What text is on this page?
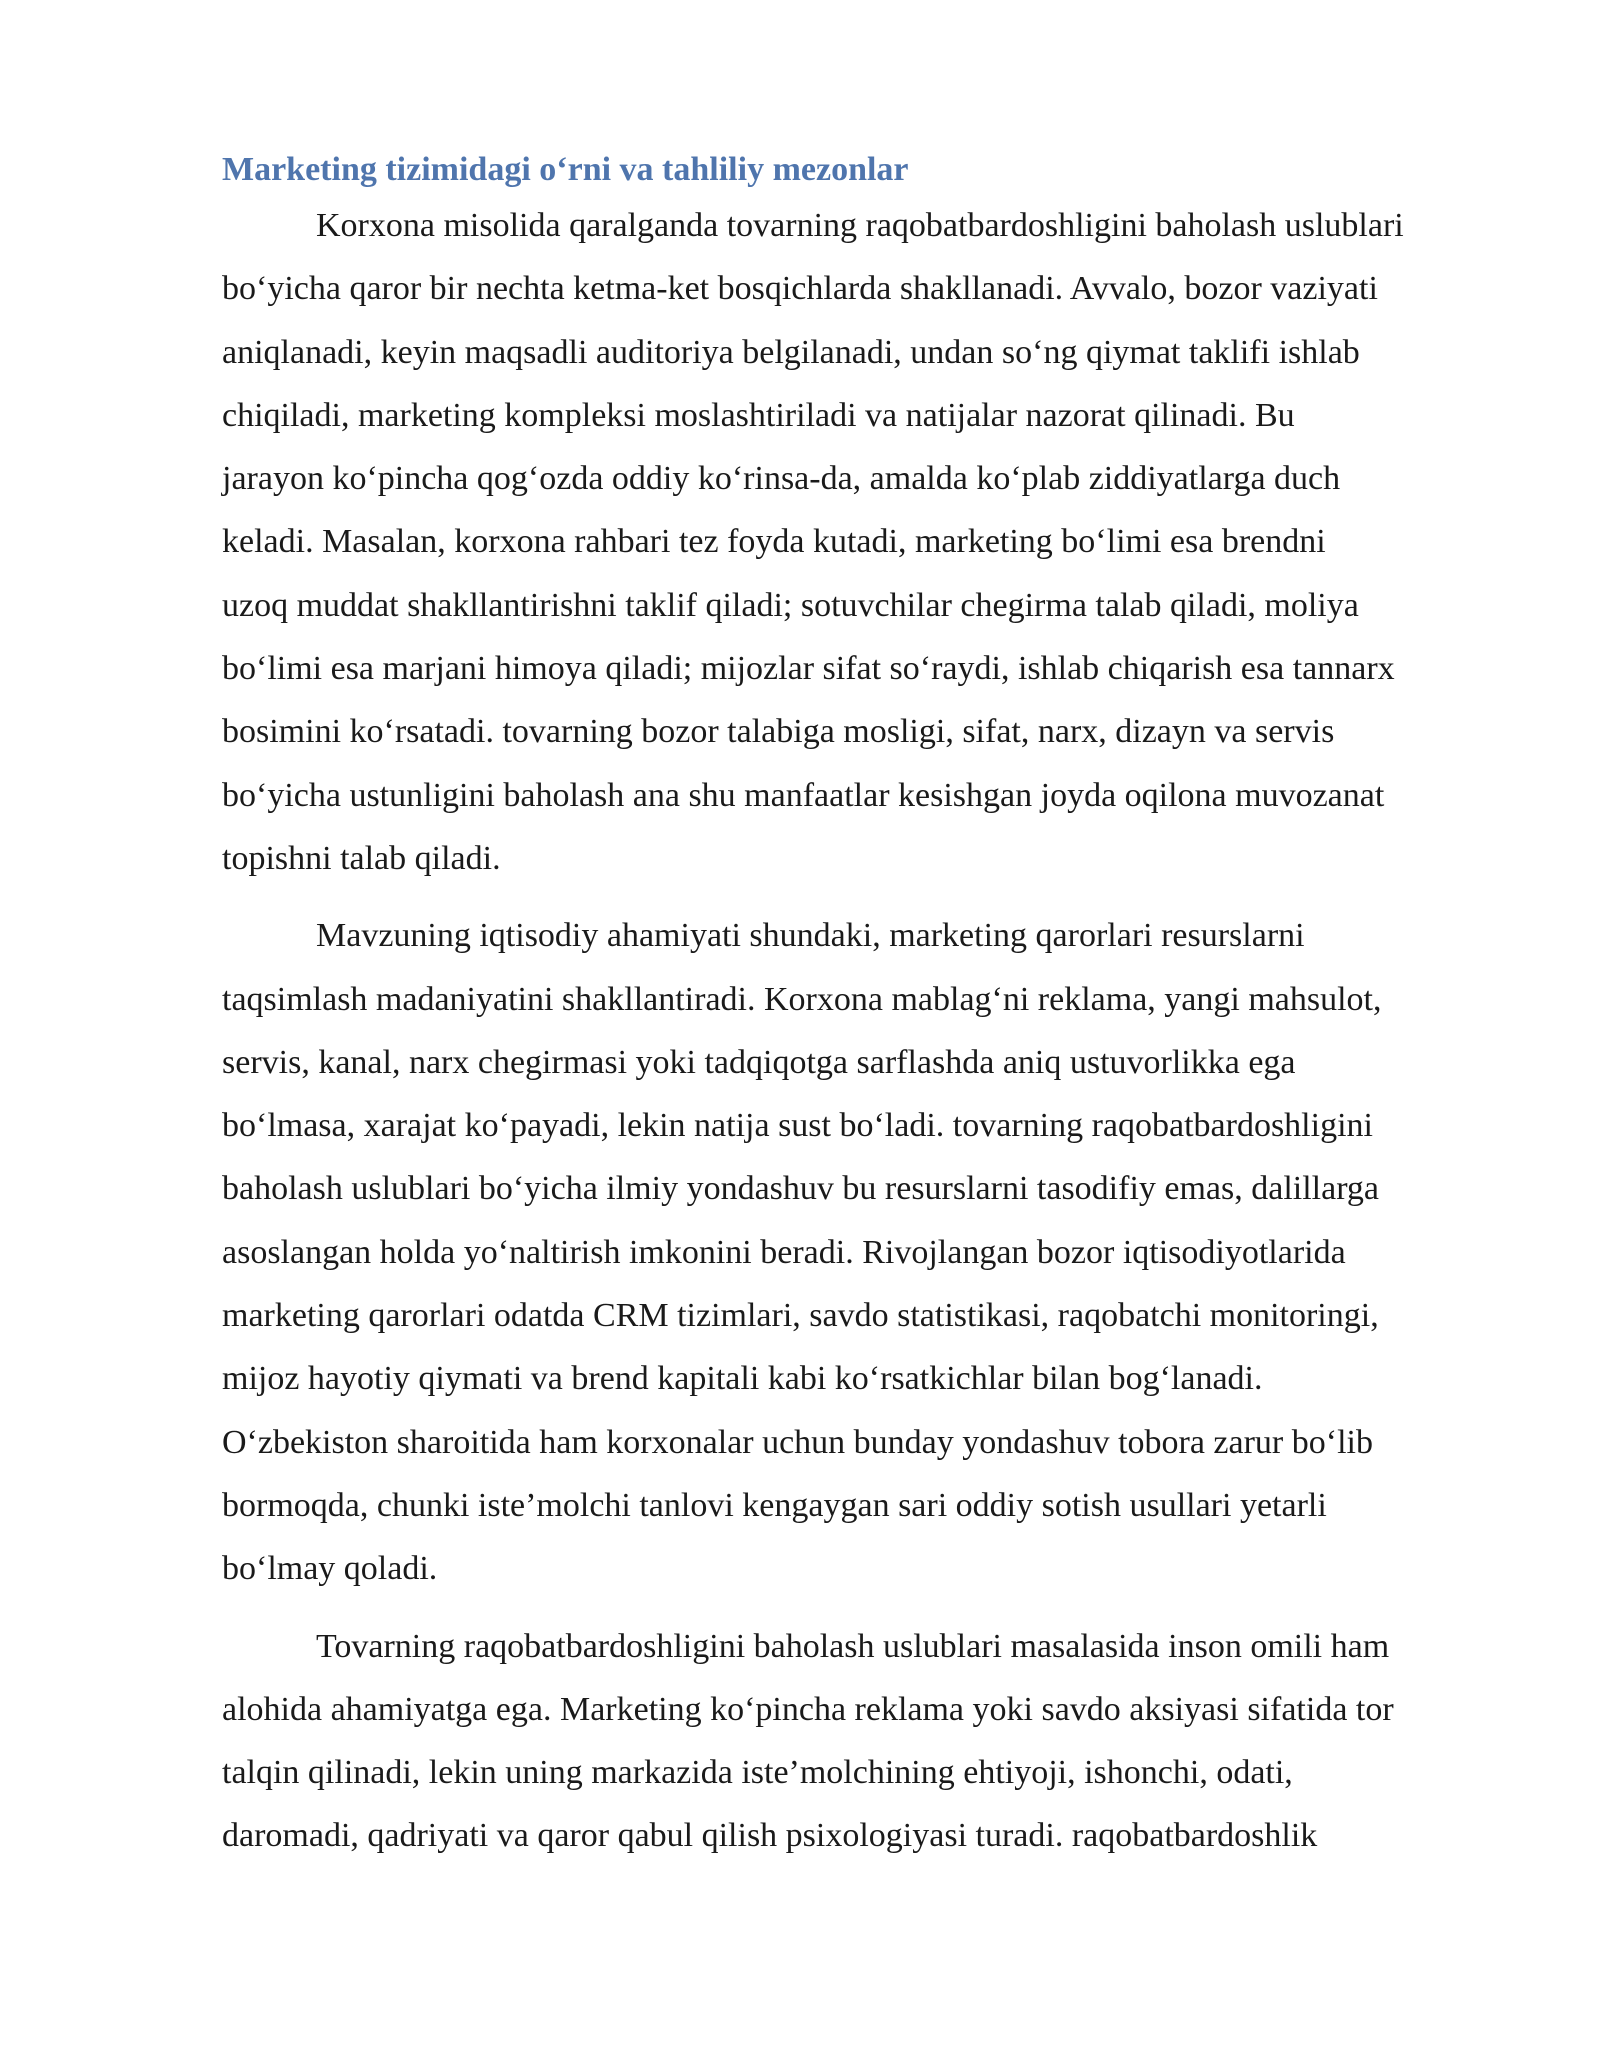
Marketing tizimidagi o‘rni va tahliliy mezonlar
Korxona misolida qaralganda tovarning raqobatbardoshligini baholash uslublari
bo‘yicha qaror bir nechta ketma-ket bosqichlarda shakllanadi. Avvalo, bozor vaziyati
aniqlanadi, keyin maqsadli auditoriya belgilanadi, undan so‘ng qiymat taklifi ishlab
chiqiladi, marketing kompleksi moslashtiriladi va natijalar nazorat qilinadi. Bu
jarayon ko‘pincha qog‘ozda oddiy ko‘rinsa-da, amalda ko‘plab ziddiyatlarga duch
keladi. Masalan, korxona rahbari tez foyda kutadi, marketing bo‘limi esa brendni
uzoq muddat shakllantirishni taklif qiladi; sotuvchilar chegirma talab qiladi, moliya
bo‘limi esa marjani himoya qiladi; mijozlar sifat so‘raydi, ishlab chiqarish esa tannarx
bosimini ko‘rsatadi. tovarning bozor talabiga mosligi, sifat, narx, dizayn va servis
bo‘yicha ustunligini baholash ana shu manfaatlar kesishgan joyda oqilona muvozanat
topishni talab qiladi.
Mavzuning iqtisodiy ahamiyati shundaki, marketing qarorlari resurslarni
taqsimlash madaniyatini shakllantiradi. Korxona mablag‘ni reklama, yangi mahsulot,
servis, kanal, narx chegirmasi yoki tadqiqotga sarflashda aniq ustuvorlikka ega
bo‘lmasa, xarajat ko‘payadi, lekin natija sust bo‘ladi. tovarning raqobatbardoshligini
baholash uslublari bo‘yicha ilmiy yondashuv bu resurslarni tasodifiy emas, dalillarga
asoslangan holda yo‘naltirish imkonini beradi. Rivojlangan bozor iqtisodiyotlarida
marketing qarorlari odatda CRM tizimlari, savdo statistikasi, raqobatchi monitoringi,
mijoz hayotiy qiymati va brend kapitali kabi ko‘rsatkichlar bilan bog‘lanadi.
O‘zbekiston sharoitida ham korxonalar uchun bunday yondashuv tobora zarur bo‘lib
bormoqda, chunki iste’molchi tanlovi kengaygan sari oddiy sotish usullari yetarli
bo‘lmay qoladi.
Tovarning raqobatbardoshligini baholash uslublari masalasida inson omili ham
alohida ahamiyatga ega. Marketing ko‘pincha reklama yoki savdo aksiyasi sifatida tor
talqin qilinadi, lekin uning markazida iste’molchining ehtiyoji, ishonchi, odati,
daromadi, qadriyati va qaror qabul qilish psixologiyasi turadi. raqobatbardoshlik
